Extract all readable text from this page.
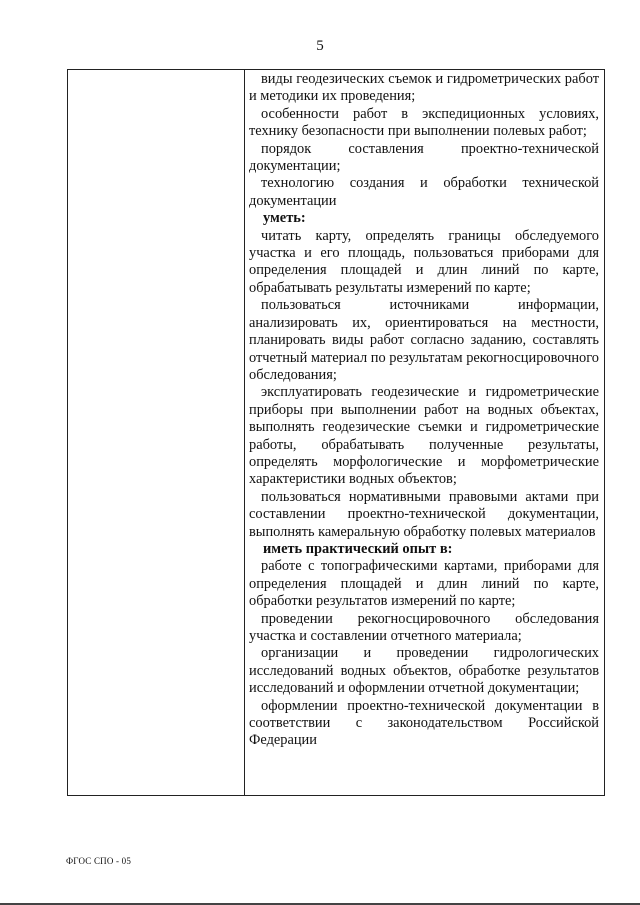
5

виды геодезических съемок и гидрометрических работ и методики их проведения;

особенности работ в экспедиционных условиях, технику безопасности при выполнении полевых работ;

порядок составления проектно-технической документации;

технологию создания и обработки технической документации

уметь:

читать карту, определять границы обследуемого участка и его площадь, пользоваться приборами для определения площадей и длин линий по карте, обрабатывать результаты измерений по карте;

пользоваться источниками информации, анализировать их, ориентироваться на местности, планировать виды работ согласно заданию, составлять отчетный материал по результатам рекогносцировочного обследования;

эксплуатировать геодезические и гидрометрические приборы при выполнении работ на водных объектах, выполнять геодезические съемки и гидрометрические работы, обрабатывать полученные результаты, определять морфологические и морфометрические характеристики водных объектов;

пользоваться нормативными правовыми актами при составлении проектно-технической документации, выполнять камеральную обработку полевых материалов

иметь практический опыт в:

работе с топографическими картами, приборами для определения площадей и длин линий по карте, обработки результатов измерений по карте;

проведении рекогносцировочного обследования участка и составлении отчетного материала;

организации и проведении гидрологических исследований водных объектов, обработке результатов исследований и оформлении отчетной документации;

оформлении проектно-технической документации в соответствии с законодательством Российской Федерации

ФГОС СПО - 05
